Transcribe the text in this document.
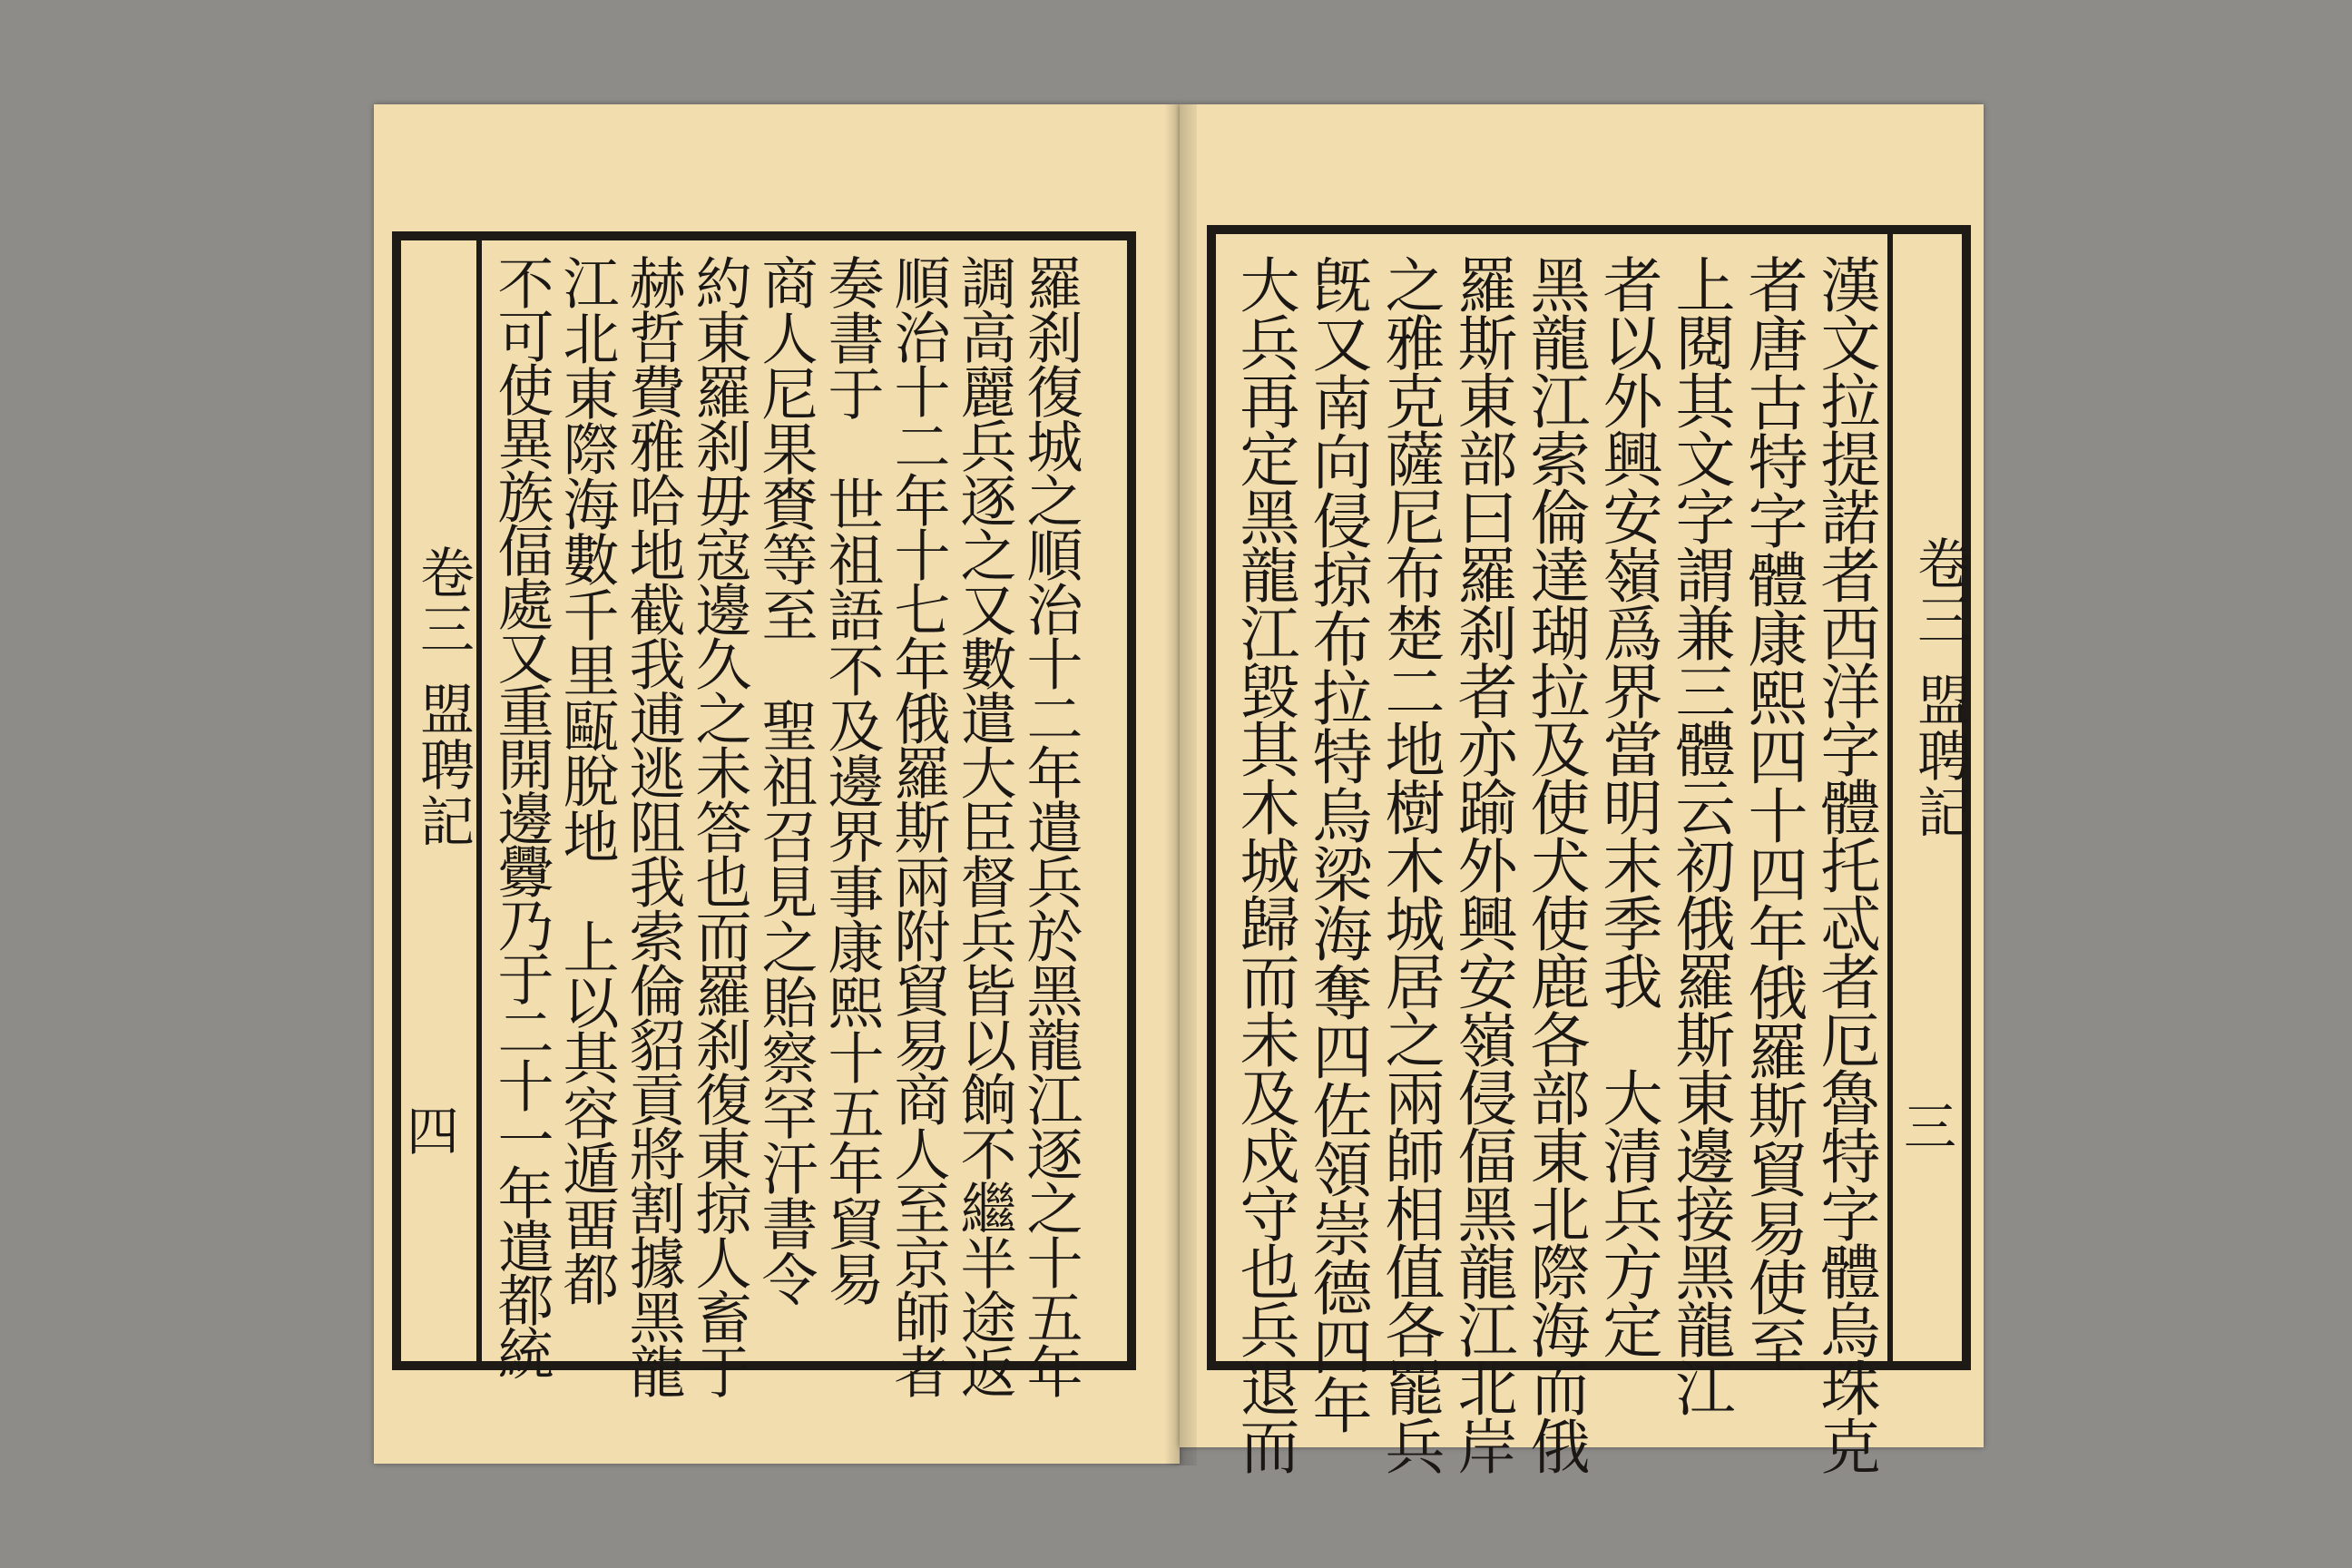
卷三
盟聘記
四	羅刹復城之順治十二年遣兵於黑龍江逐之十五年
調高麗兵逐之又數遣大臣督兵皆以餉不繼半途返
順治十二年十七年俄羅斯兩附貿易商人至京師者
奏書于　世祖語不及邊界事康熙十五年貿易
商人尼果賚等至　聖祖召見之貽察罕汗書令
約東羅刹毋寇邊久之未答也而羅刹復東掠人畜于
赫哲費雅哈地截我逋逃阻我索倫貂貢將割據黑龍
江北東際海數千里甌脫地　上以其容遁畱都	卷三
盟聘記
三
漢文拉提諾者西洋字體托忒者厄魯特字體烏珠克
者唐古特字體康熙四十四年俄羅斯貿易使至
上閱其文字謂兼三體云初俄羅斯東邊接黑龍江
者以外興安嶺爲界當明末季我　大清兵方定
黑龍江索倫達瑚拉及使犬使鹿各部東北際海而俄
羅斯東部曰羅刹者亦踰外興安嶺侵偪黑龍江北岸
之雅克薩尼布楚二地樹木城居之兩師相值各罷兵
旣又南向侵掠布拉特烏梁海奪四佐領崇德四年
大兵再定黑龍江毀其木城歸而未及戍守也兵退而
不可使異族偪處又重開邊釁乃于二十一年遣都統
